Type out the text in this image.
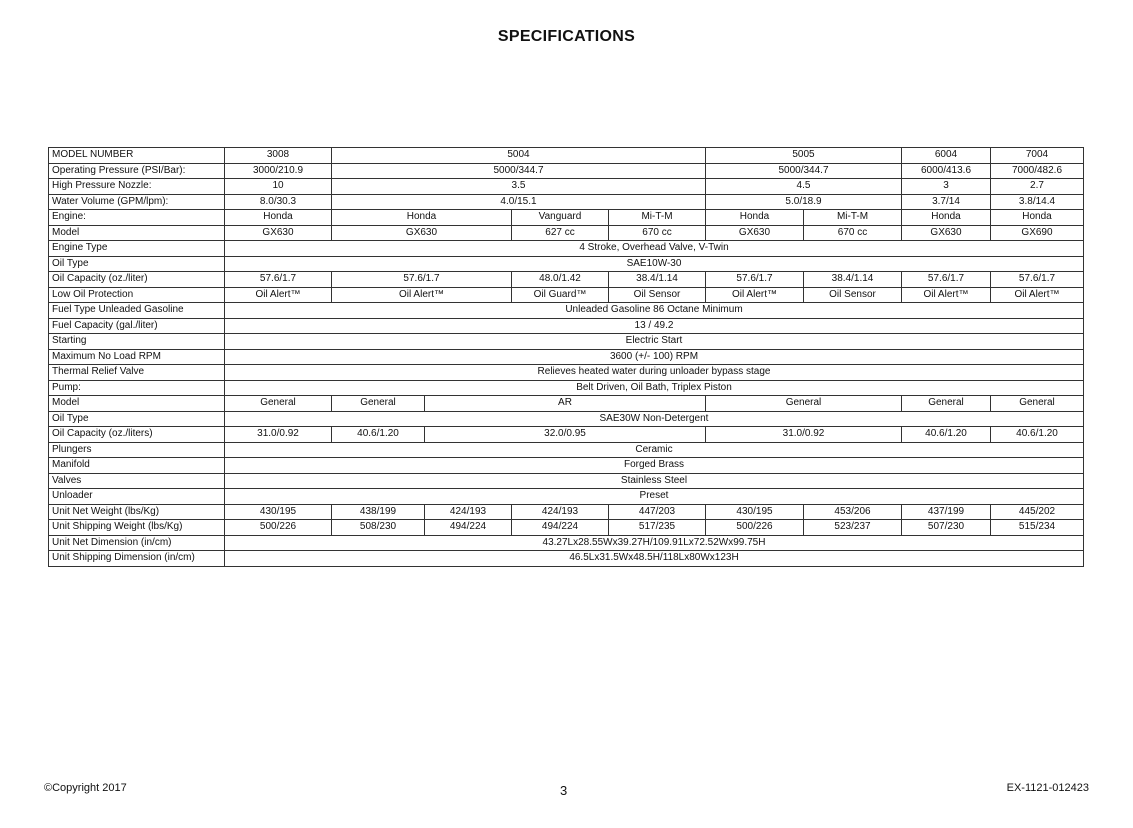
SPECIFICATIONS
MODEL NUMBER	3008	5004				5005		6004	7004
Operating Pressure (PSI/Bar):	3000/210.9	5000/344.7				5000/344.7		6000/413.6	7000/482.6
High Pressure Nozzle:	10	3.5				4.5		3	2.7
Water Volume (GPM/lpm):	8.0/30.3	4.0/15.1				5.0/18.9		3.7/14	3.8/14.4
Engine:	Honda	Honda		Vanguard	Mi-T-M	Honda	Mi-T-M	Honda	Honda
Model	GX630	GX630		627 cc	670 cc	GX630	670 cc	GX630	GX690
Engine Type	4 Stroke, Overhead Valve, V-Twin								
Oil Type	SAE10W-30								
Oil Capacity (oz./liter)	57.6/1.7	57.6/1.7		48.0/1.42	38.4/1.14	57.6/1.7	38.4/1.14	57.6/1.7	57.6/1.7
Low Oil Protection	Oil Alert™	Oil Alert™		Oil Guard™	Oil Sensor	Oil Alert™	Oil Sensor	Oil Alert™	Oil Alert™
Fuel Type Unleaded Gasoline	Unleaded Gasoline 86 Octane Minimum								
Fuel Capacity (gal./liter)	13 / 49.2								
Starting	Electric Start								
Maximum No Load RPM	3600 (+/- 100) RPM								
Thermal Relief Valve	Relieves heated water during unloader bypass stage								
Pump:	Belt Driven, Oil Bath, Triplex Piston								
Model	General	General	AR			General		General	General
Oil Type	SAE30W Non-Detergent								
Oil Capacity (oz./liters)	31.0/0.92	40.6/1.20	32.0/0.95			31.0/0.92		40.6/1.20	40.6/1.20
Plungers	Ceramic								
Manifold	Forged Brass								
Valves	Stainless Steel								
Unloader	Preset								
Unit Net Weight (lbs/Kg)	430/195	438/199	424/193	424/193	447/203	430/195	453/206	437/199	445/202
Unit Shipping Weight (lbs/Kg)	500/226	508/230	494/224	494/224	517/235	500/226	523/237	507/230	515/234
Unit Net Dimension (in/cm)	43.27Lx28.55Wx39.27H/109.91Lx72.52Wx99.75H								
Unit Shipping Dimension (in/cm)	46.5Lx31.5Wx48.5H/118Lx80Wx123H								
©Copyright 2017	3	EX-1121-012423
